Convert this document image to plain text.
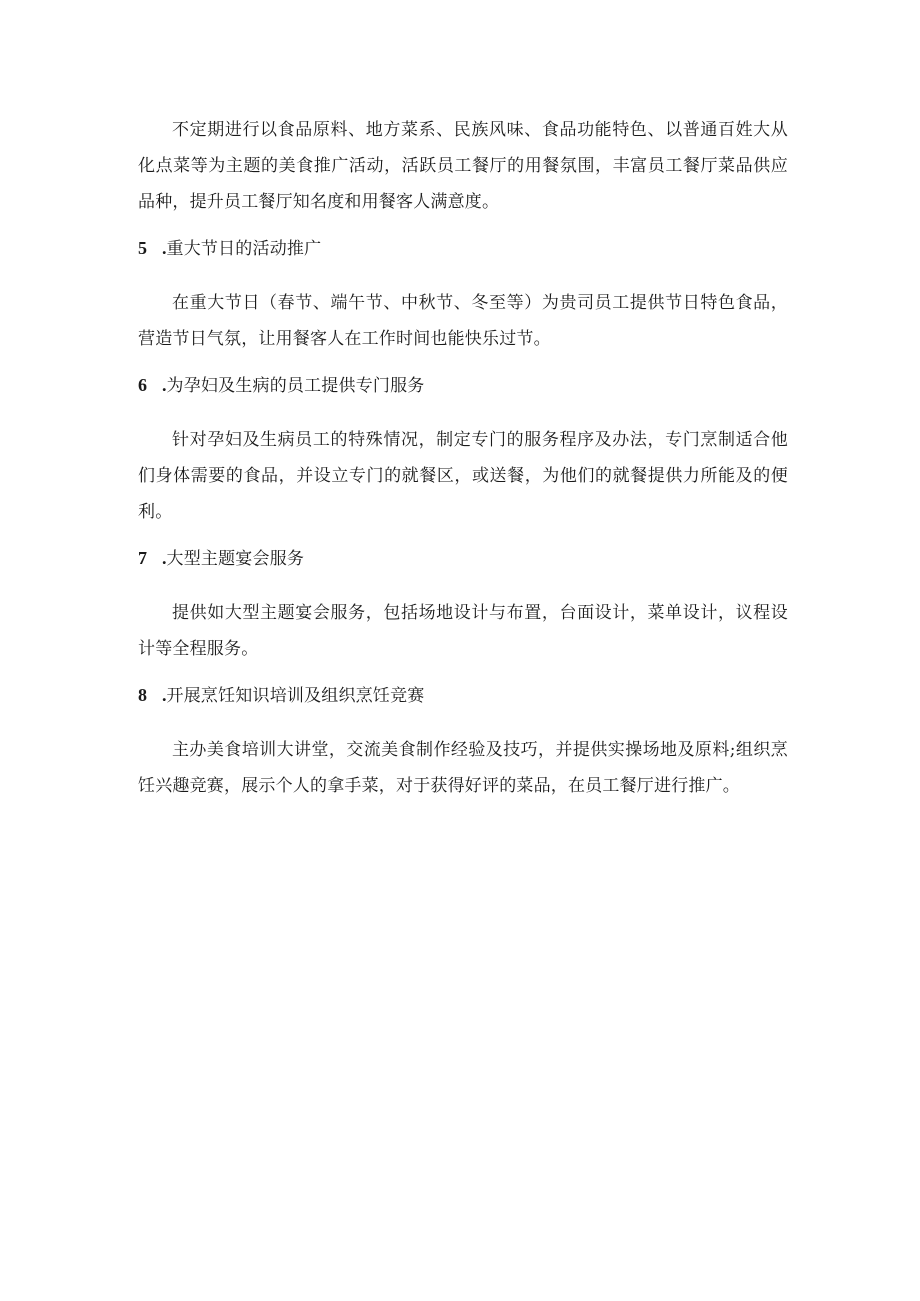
不定期进行以食品原料、地方菜系、民族风味、食品功能特色、以普通百姓大从化点菜等为主题的美食推广活动，活跃员工餐厅的用餐氛围，丰富员工餐厅菜品供应品种，提升员工餐厅知名度和用餐客人满意度。

5 . 重大节日的活动推广

在重大节日（春节、端午节、中秋节、冬至等）为贵司员工提供节日特色食品，营造节日气氛，让用餐客人在工作时间也能快乐过节。

6 . 为孕妇及生病的员工提供专门服务

针对孕妇及生病员工的特殊情况，制定专门的服务程序及办法，专门烹制适合他们身体需要的食品，并设立专门的就餐区，或送餐，为他们的就餐提供力所能及的便利。

7 . 大型主题宴会服务

提供如大型主题宴会服务，包括场地设计与布置，台面设计，菜单设计，议程设计等全程服务。

8 . 开展烹饪知识培训及组织烹饪竞赛

主办美食培训大讲堂，交流美食制作经验及技巧，并提供实操场地及原料;组织烹饪兴趣竞赛，展示个人的拿手菜，对于获得好评的菜品，在员工餐厅进行推广。
